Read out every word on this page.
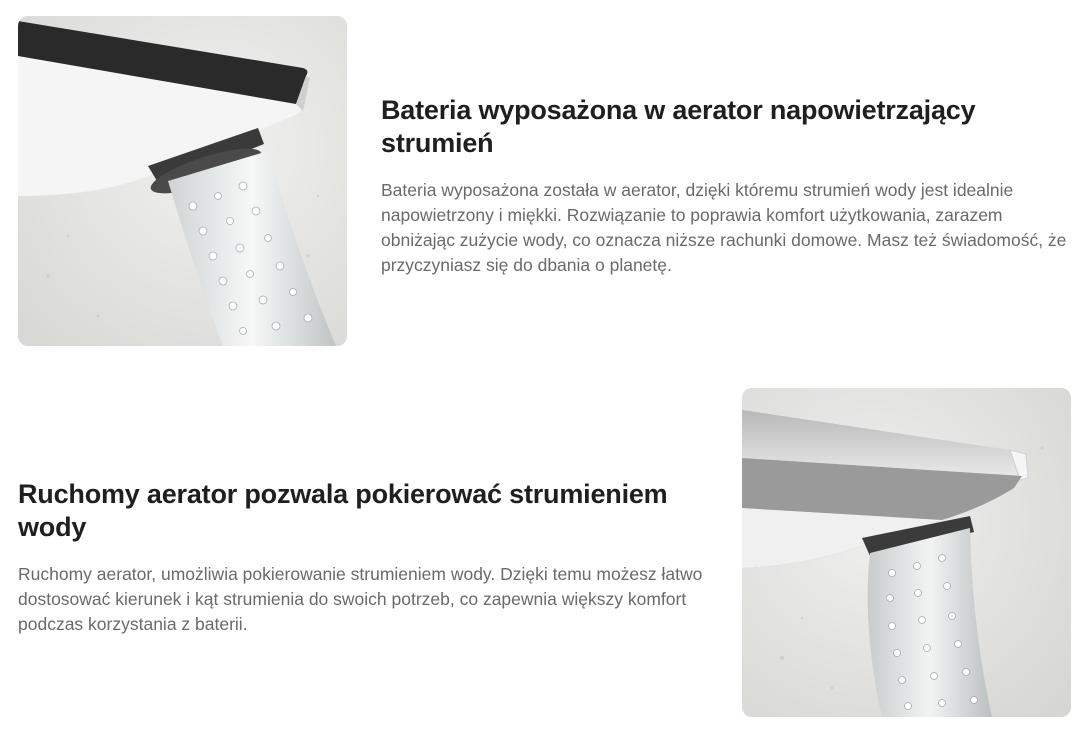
Bateria wyposażona w aerator napowietrzający strumień

Bateria wyposażona została w aerator, dzięki któremu strumień wody jest idealnie napowietrzony i miękki. Rozwiązanie to poprawia komfort użytkowania, zarazem obniżając zużycie wody, co oznacza niższe rachunki domowe. Masz też świadomość, że przyczyniasz się do dbania o planetę.

Ruchomy aerator pozwala pokierować strumieniem wody

Ruchomy aerator, umożliwia pokierowanie strumieniem wody. Dzięki temu możesz łatwo dostosować kierunek i kąt strumienia do swoich potrzeb, co zapewnia większy komfort podczas korzystania z baterii.
